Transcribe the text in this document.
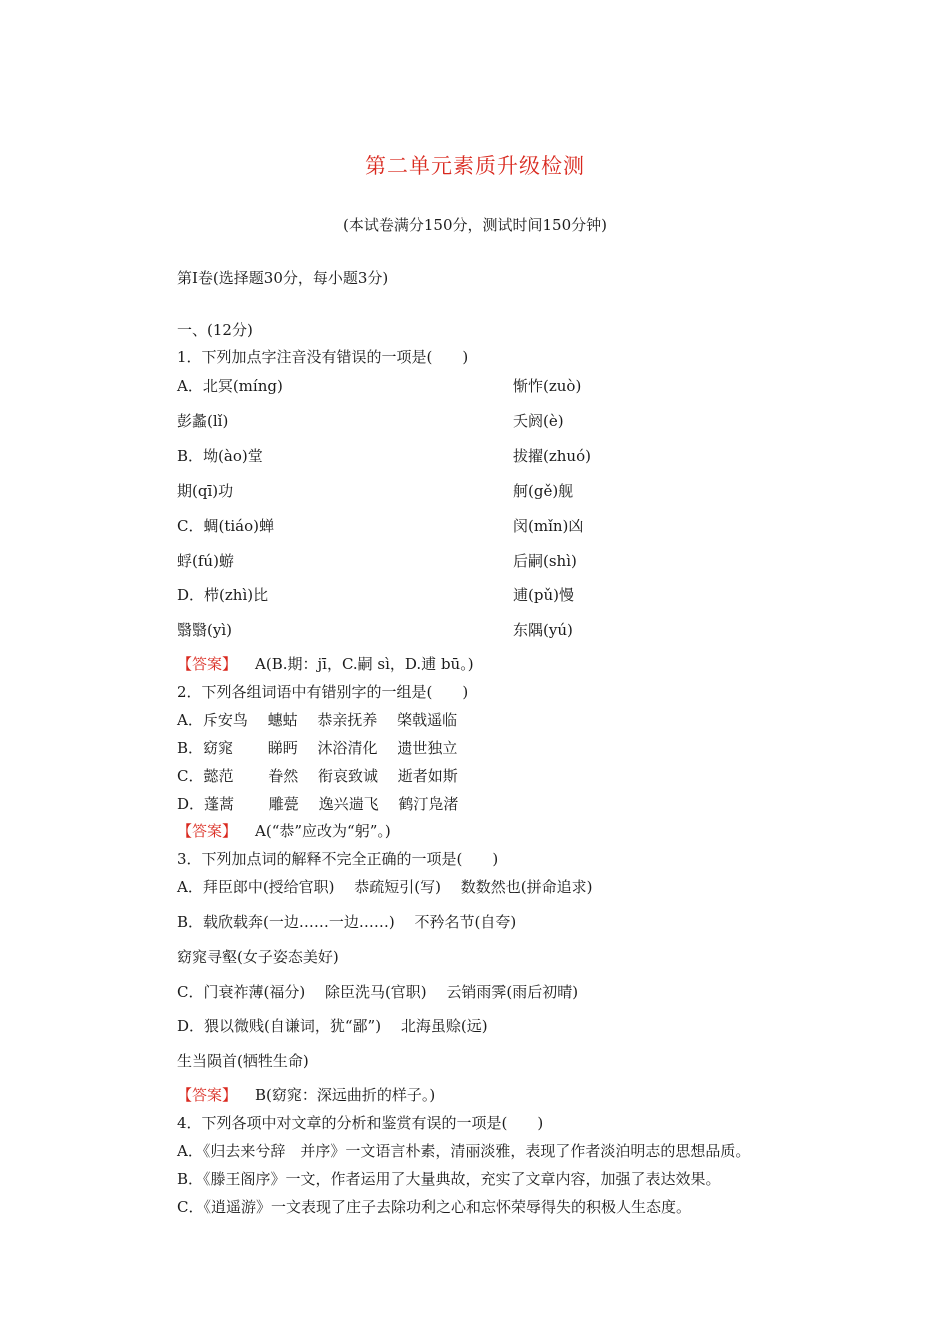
第二单元素质升级检测
(本试卷满分150分，测试时间150分钟)
第Ⅰ卷(选择题30分，每小题3分)
一、(12分)
1．下列加点字注音没有错误的一项是(　　)
A．北冥(míng)	惭怍(zuò)
彭蠡(lǐ)	夭阏(è)
B．坳(ào)堂	拔擢(zhuó)
期(qī)功	舸(gě)舰
C．蜩(tiáo)蝉	闵(mǐn)凶
蜉(fú)蝣	后嗣(shì)
D．栉(zhì)比	逋(pǔ)慢
翳翳(yì)	东隅(yú)
【答案】 A(B.期：jī，C.嗣 sì，D.逋 bū。)
2．下列各组词语中有错别字的一组是(　　)
A．斥安鸟　 蟪蛄　 恭亲抚养　 棨戟遥临
B．窈窕　　 睇眄　 沐浴清化　 遗世独立
C．懿范　　 眷然　 衔哀致诚　 逝者如斯
D．蓬蒿　　 雕甍　 逸兴遄飞　 鹤汀凫渚
【答案】 A(“恭”应改为“躬”。)
3．下列加点词的解释不完全正确的一项是(　　)
A．拜臣郎中(授给官职)　 恭疏短引(写)　 数数然也(拼命追求)
B．载欣载奔(一边……一边……)　 不矜名节(自夸)
窈窕寻壑(女子姿态美好)
C．门衰祚薄(福分)　 除臣洗马(官职)　 云销雨霁(雨后初晴)
D．猥以微贱(自谦词，犹“鄙”)　 北海虽赊(远)
生当陨首(牺牲生命)
【答案】 B(窈窕：深远曲折的样子。)
4．下列各项中对文章的分析和鉴赏有误的一项是(　　)
A．《归去来兮辞　并序》一文语言朴素，清丽淡雅，表现了作者淡泊明志的思想品质。
B．《滕王阁序》一文，作者运用了大量典故，充实了文章内容，加强了表达效果。
C．《逍遥游》一文表现了庄子去除功利之心和忘怀荣辱得失的积极人生态度。
